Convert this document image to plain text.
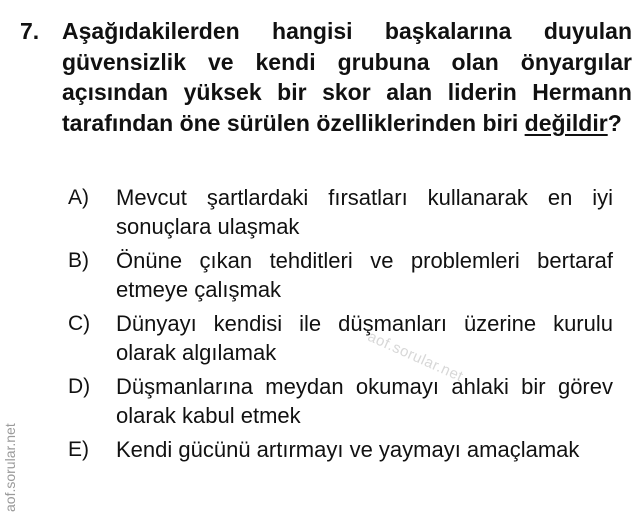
7. Aşağıdakilerden hangisi başkalarına duyulan güvensizlik ve kendi grubuna olan önyargılar açısından yüksek bir skor alan liderin Hermann tarafından öne sürülen özelliklerinden biri değildir?
A) Mevcut şartlardaki fırsatları kullanarak en iyi sonuçlara ulaşmak
B) Önüne çıkan tehditleri ve problemleri bertaraf etmeye çalışmak
C) Dünyayı kendisi ile düşmanları üzerine kurulu olarak algılamak
D) Düşmanlarına meydan okumayı ahlaki bir görev olarak kabul etmek
E) Kendi gücünü artırmayı ve yaymayı amaçlamak
aof.sorular.net
aof.sorular.net
